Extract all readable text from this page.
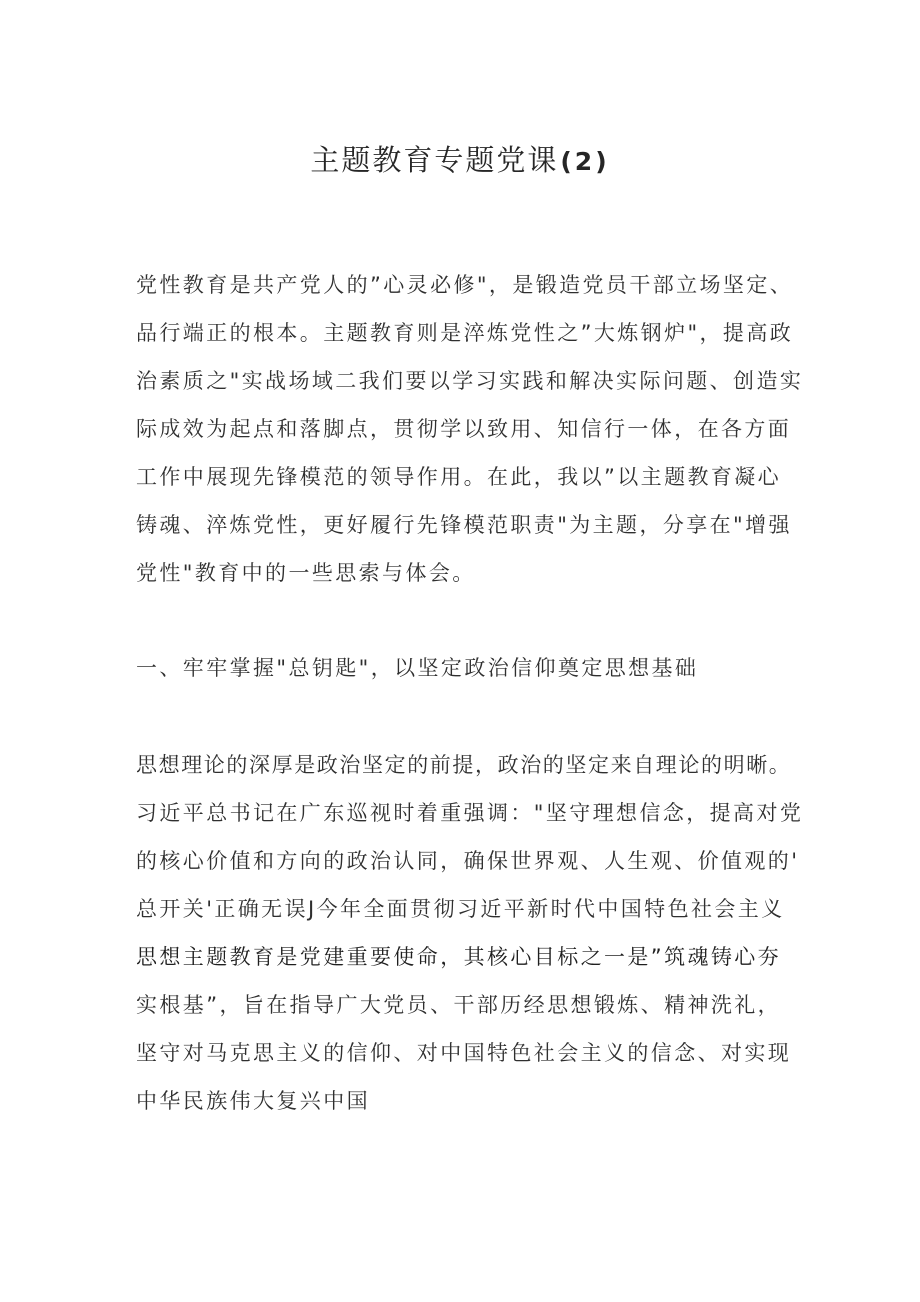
主题教育专题党课(2)
党性教育是共产党人的”心灵必修"，是锻造党员干部立场坚定、
品行端正的根本。主题教育则是淬炼党性之”大炼钢炉"，提高政
治素质之"实战场域二我们要以学习实践和解决实际问题、创造实
际成效为起点和落脚点，贯彻学以致用、知信行一体，在各方面
工作中展现先锋模范的领导作用。在此，我以”以主题教育凝心
铸魂、淬炼党性，更好履行先锋模范职责"为主题，分享在"增强
党性"教育中的一些思索与体会。
一、牢牢掌握"总钥匙"，以坚定政治信仰奠定思想基础
思想理论的深厚是政治坚定的前提，政治的坚定来自理论的明晰。
习近平总书记在广东巡视时着重强调："坚守理想信念，提高对党
的核心价值和方向的政治认同，确保世界观、人生观、价值观的'
总开关'正确无误J今年全面贯彻习近平新时代中国特色社会主义
思想主题教育是党建重要使命，其核心目标之一是”筑魂铸心夯
实根基”，旨在指导广大党员、干部历经思想锻炼、精神洗礼，
坚守对马克思主义的信仰、对中国特色社会主义的信念、对实现
中华民族伟大复兴中国
